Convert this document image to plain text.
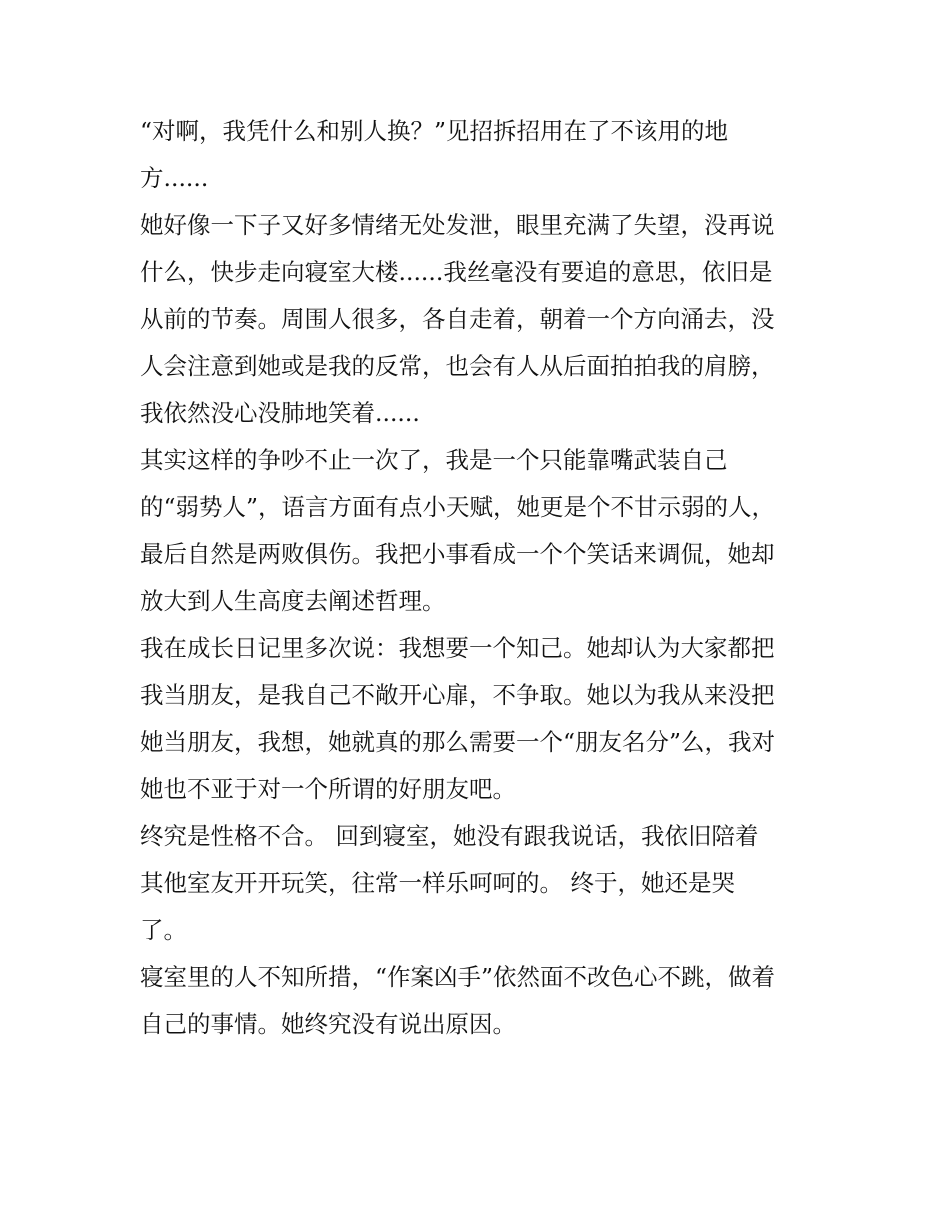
“对啊，我凭什么和别人换？”见招拆招用在了不该用的地
方......
她好像一下子又好多情绪无处发泄，眼里充满了失望，没再说
什么，快步走向寝室大楼......我丝毫没有要追的意思，依旧是
从前的节奏。周围人很多，各自走着，朝着一个方向涌去，没
人会注意到她或是我的反常，也会有人从后面拍拍我的肩膀，
我依然没心没肺地笑着......
其实这样的争吵不止一次了，我是一个只能靠嘴武装自己
的“弱势人”，语言方面有点小天赋，她更是个不甘示弱的人，
最后自然是两败俱伤。我把小事看成一个个笑话来调侃，她却
放大到人生高度去阐述哲理。
我在成长日记里多次说：我想要一个知己。她却认为大家都把
我当朋友，是我自己不敞开心扉，不争取。她以为我从来没把
她当朋友，我想，她就真的那么需要一个“朋友名分”么，我对
她也不亚于对一个所谓的好朋友吧。
终究是性格不合。 回到寝室，她没有跟我说话，我依旧陪着
其他室友开开玩笑，往常一样乐呵呵的。 终于，她还是哭
了。
寝室里的人不知所措，“作案凶手”依然面不改色心不跳，做着
自己的事情。她终究没有说出原因。
